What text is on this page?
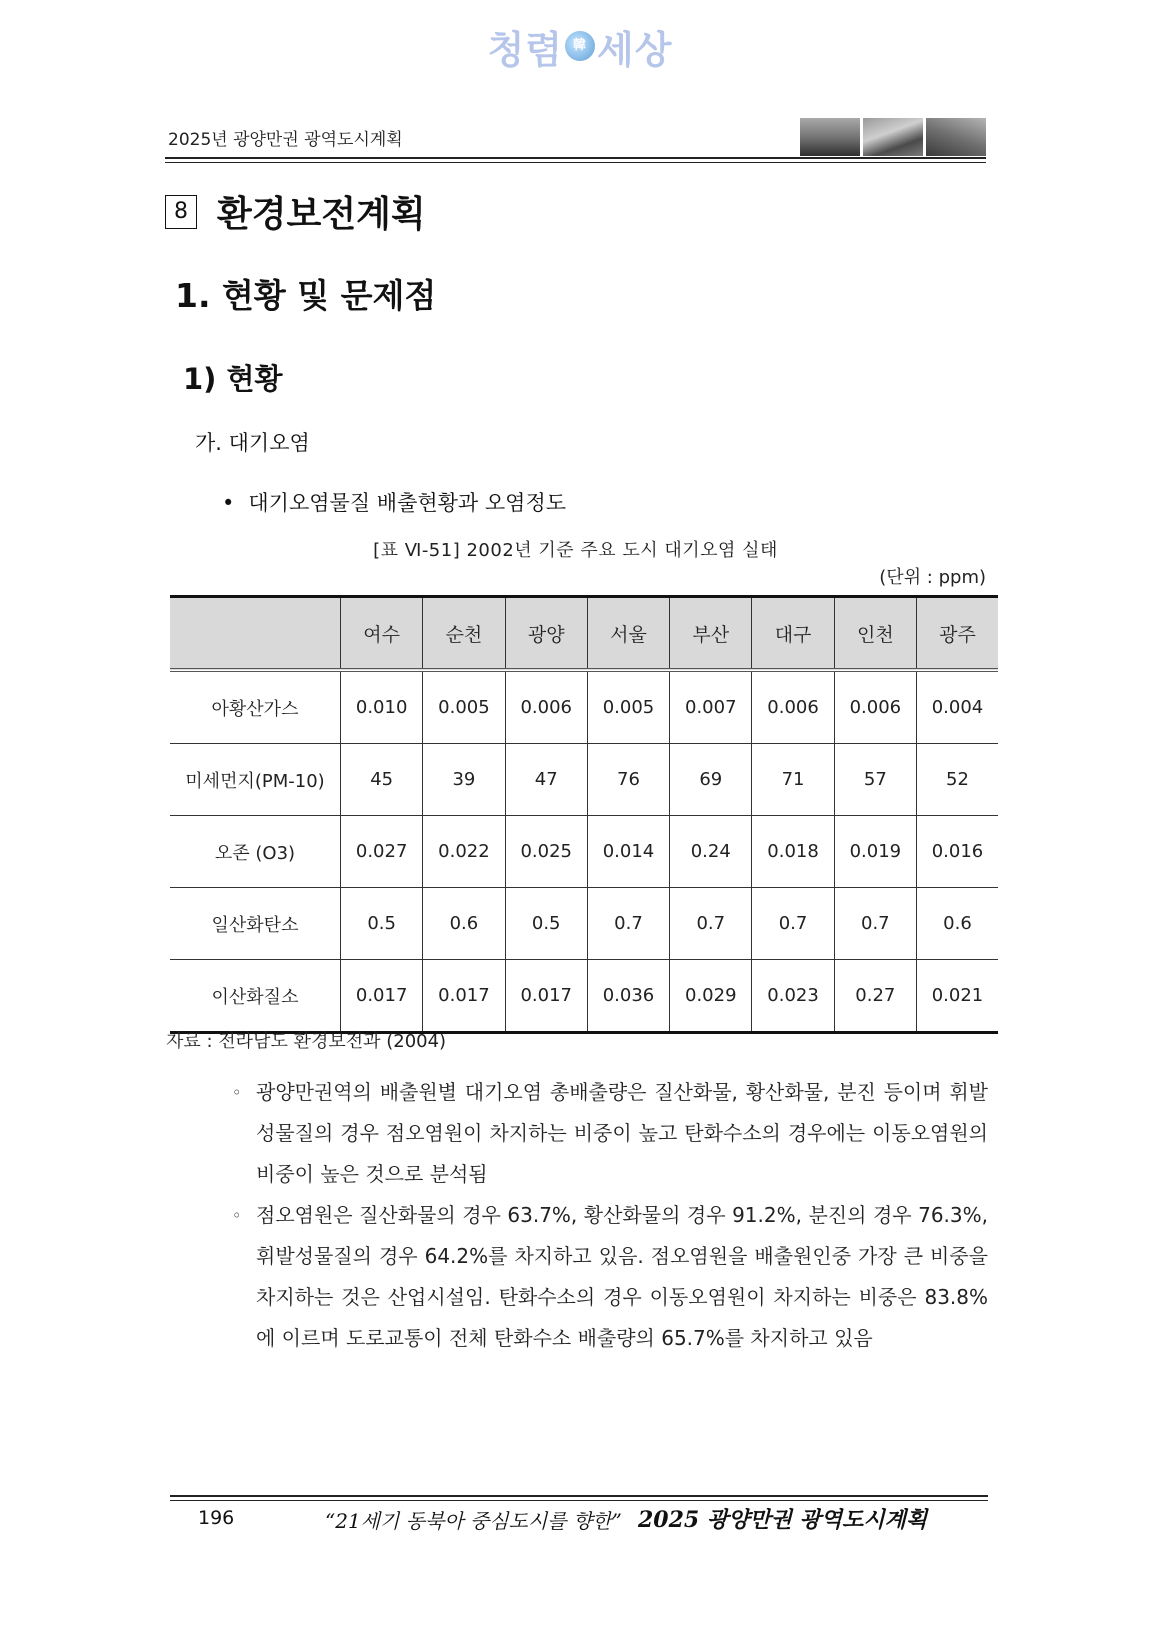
청렴 韓 세상
2025년 광양만권 광역도시계획
8 환경보전계획
1. 현황 및 문제점
1) 현황
가. 대기오염
• 대기오염물질 배출현황과 오염정도
[표 Ⅵ-51] 2002년 기준 주요 도시 대기오염 실태
(단위 : ppm)
	여수	순천	광양	서울	부산	대구	인천	광주
아황산가스	0.010	0.005	0.006	0.005	0.007	0.006	0.006	0.004
미세먼지(PM-10)	45	39	47	76	69	71	57	52
오존 (O3)	0.027	0.022	0.025	0.014	0.24	0.018	0.019	0.016
일산화탄소	0.5	0.6	0.5	0.7	0.7	0.7	0.7	0.6
이산화질소	0.017	0.017	0.017	0.036	0.029	0.023	0.27	0.021
자료 : 전라남도 환경보전과 (2004)
◦ 광양만권역의 배출원별 대기오염 총배출량은 질산화물, 황산화물, 분진 등이며 휘발성물질의 경우 점오염원이 차지하는 비중이 높고 탄화수소의 경우에는 이동오염원의 비중이 높은 것으로 분석됨
◦ 점오염원은 질산화물의 경우 63.7%, 황산화물의 경우 91.2%, 분진의 경우 76.3%, 휘발성물질의 경우 64.2%를 차지하고 있음. 점오염원을 배출원인중 가장 큰 비중을 차지하는 것은 산업시설임. 탄화수소의 경우 이동오염원이 차지하는 비중은 83.8%에 이르며 도로교통이 전체 탄화수소 배출량의 65.7%를 차지하고 있음
196	“21세기 동북아 중심도시를 향한” 2025 광양만권 광역도시계획
